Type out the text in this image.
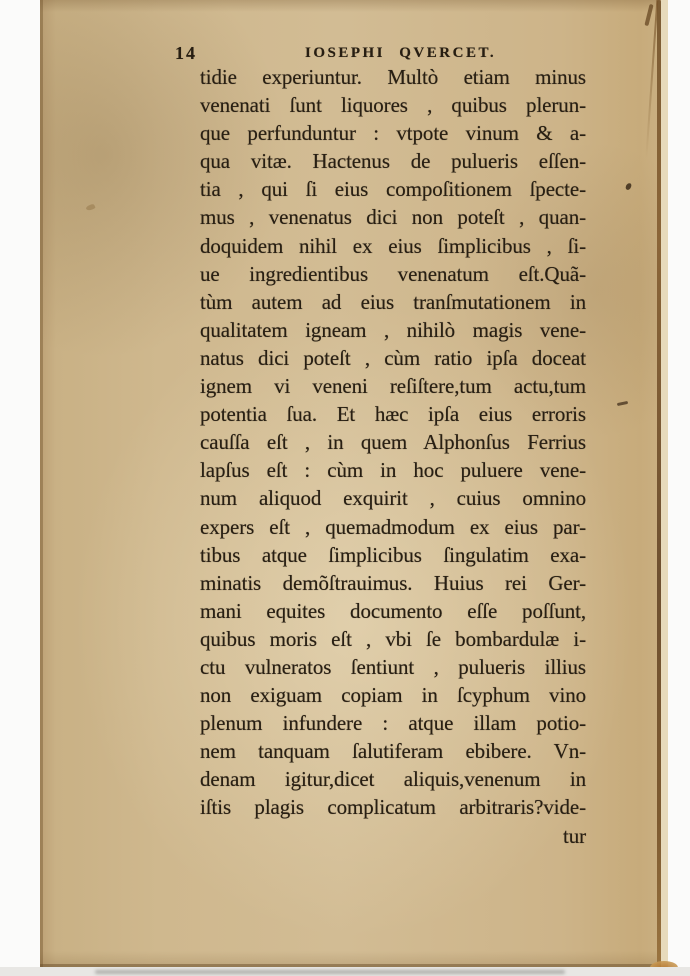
14	IOSEPHI QVERCET.
tidie experiuntur. Multò etiam minus
venenati ſunt liquores , quibus plerun-
que perfunduntur : vtpote vinum & a-
qua vitæ. Hactenus de pulueris eſſen-
tia , qui ſi eius compoſitionem ſpecte-
mus , venenatus dici non poteſt , quan-
doquidem nihil ex eius ſimplicibus , ſi-
ue ingredientibus venenatum eſt.Quã-
tùm autem ad eius tranſmutationem in
qualitatem igneam , nihilò magis vene-
natus dici poteſt , cùm ratio ipſa doceat
ignem vi veneni reſiſtere,tum actu,tum
potentia ſua. Et hæc ipſa eius erroris
cauſſa eſt , in quem Alphonſus Ferrius
lapſus eſt : cùm in hoc puluere vene-
num aliquod exquirit , cuius omnino
expers eſt , quemadmodum ex eius par-
tibus atque ſimplicibus ſingulatim exa-
minatis demõſtrauimus. Huius rei Ger-
mani equites documento eſſe poſſunt,
quibus moris eſt , vbi ſe bombardulæ i-
ctu vulneratos ſentiunt , pulueris illius
non exiguam copiam in ſcyphum vino
plenum infundere : atque illam potio-
nem tanquam ſalutiferam ebibere. Vn-
denam igitur,dicet aliquis,venenum in
iſtis plagis complicatum arbitraris?vide-
tur
